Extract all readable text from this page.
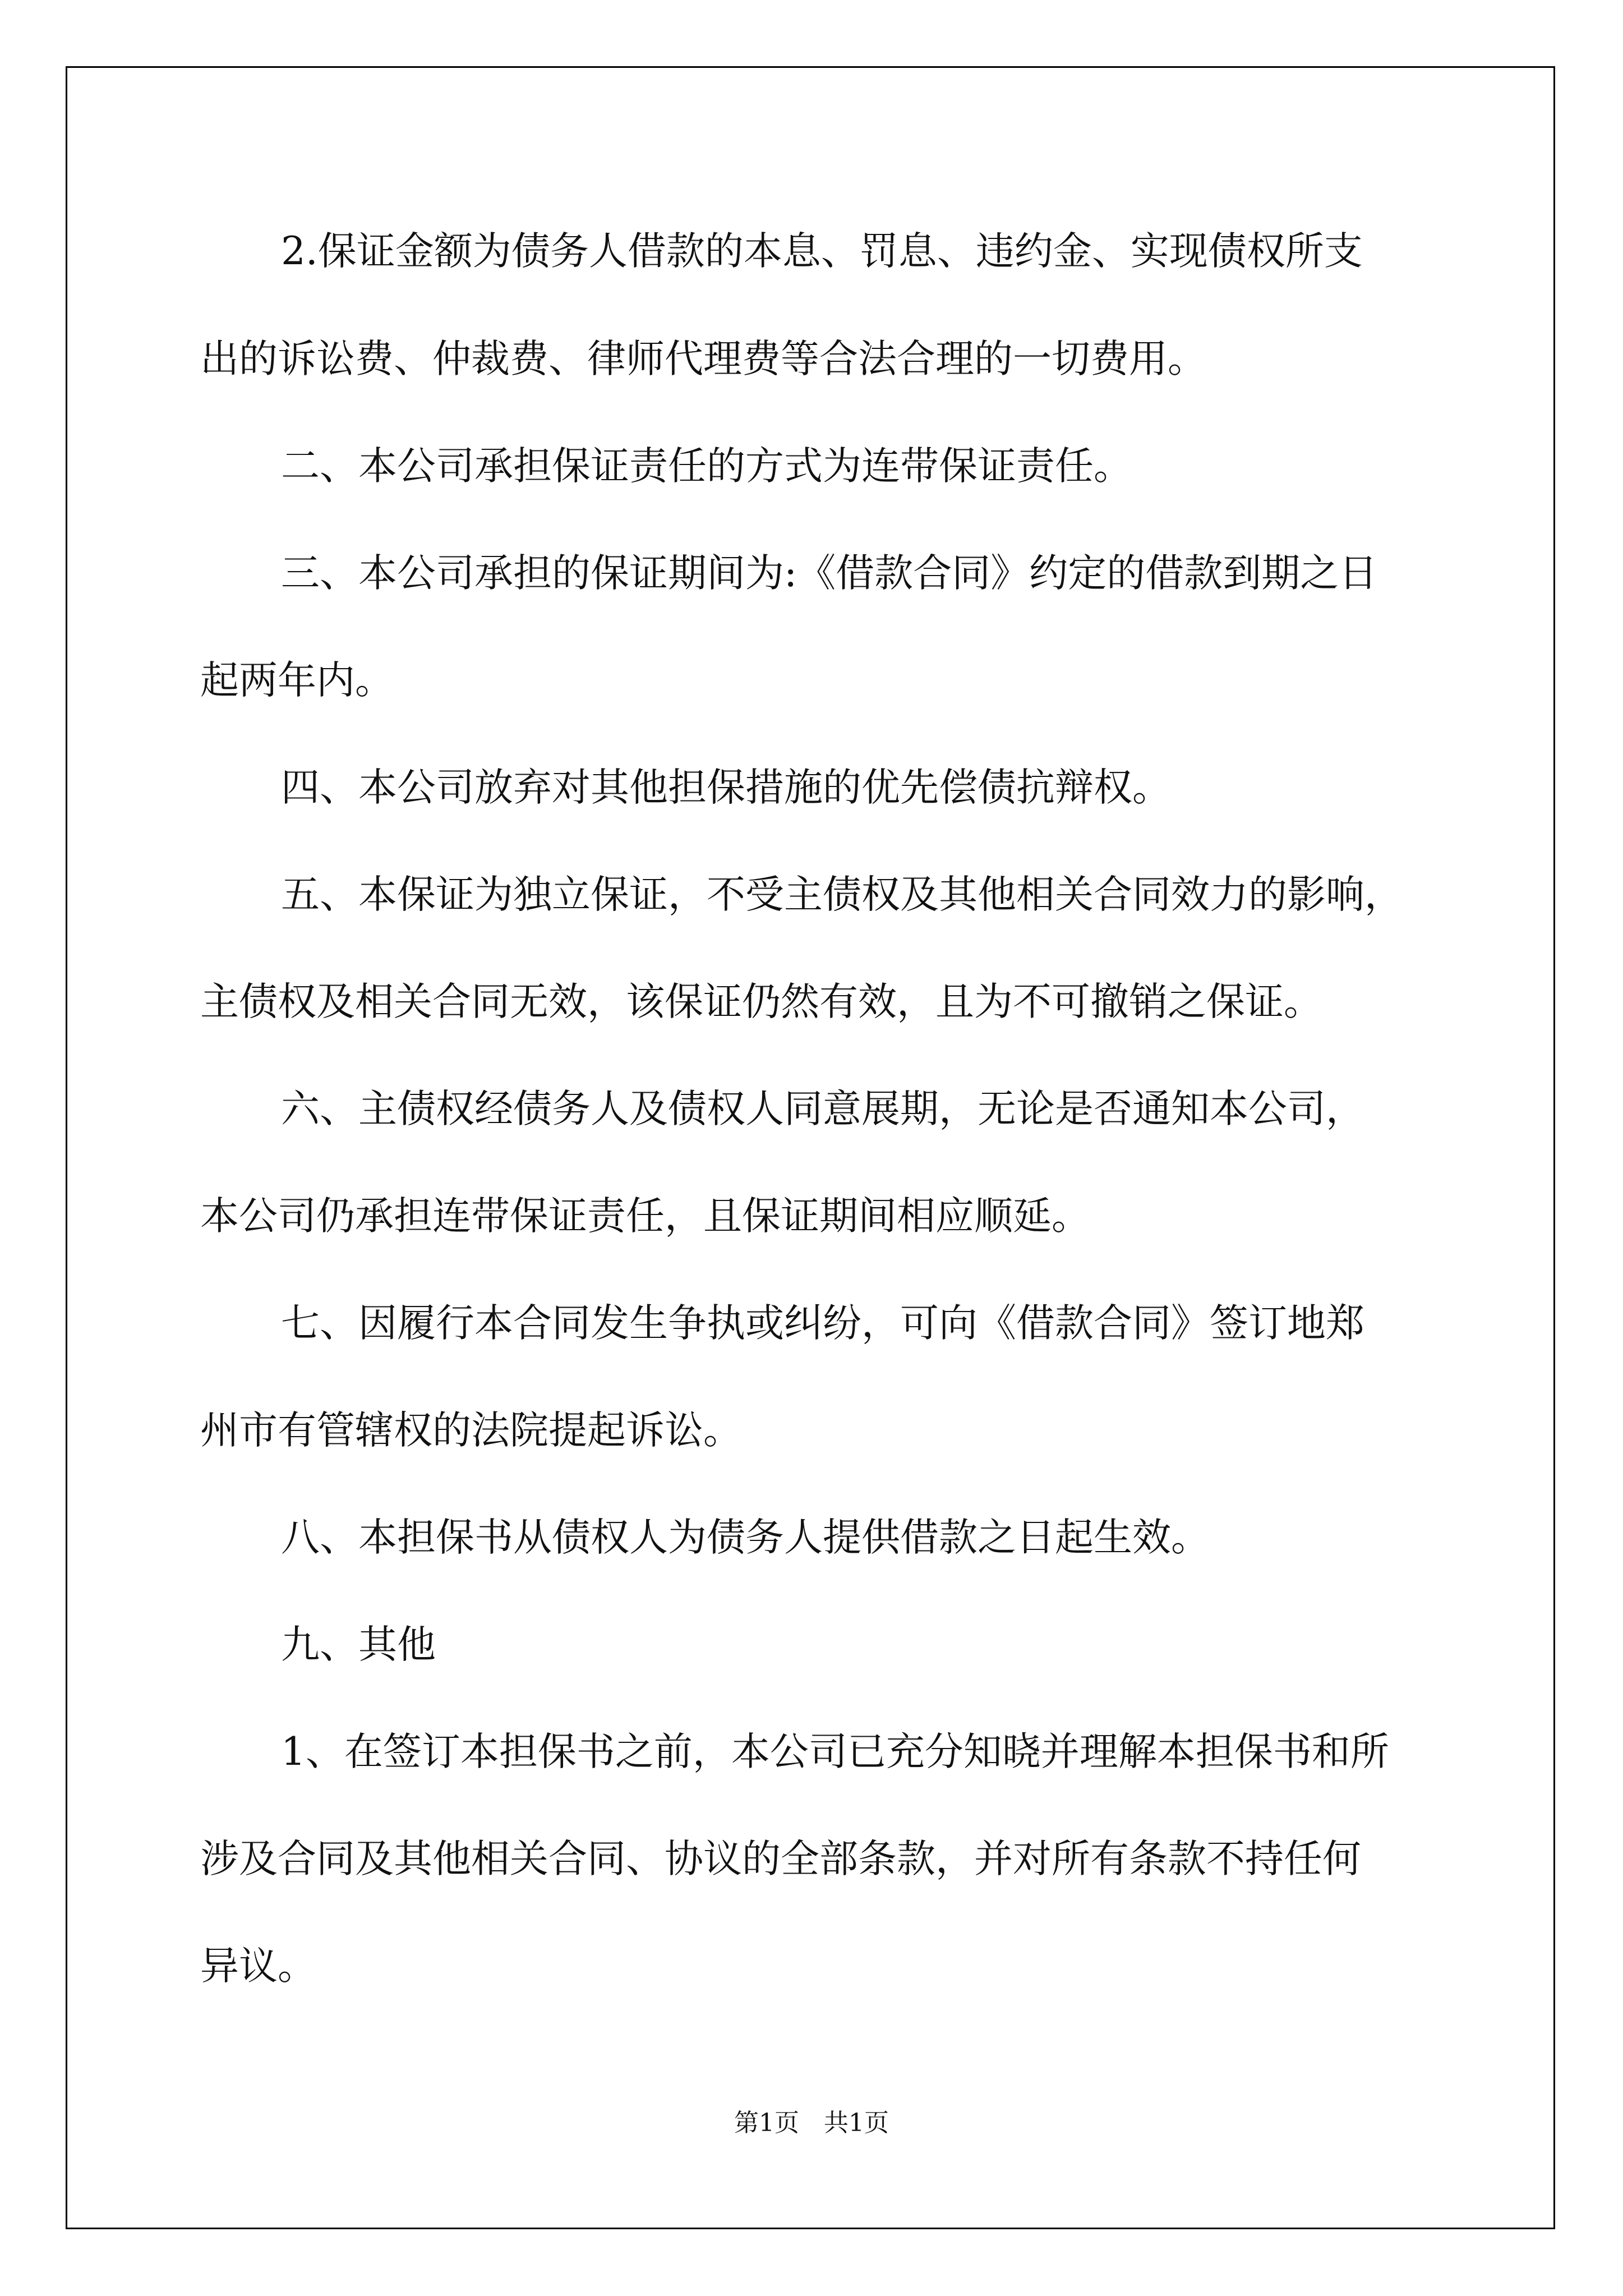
2.保证金额为债务人借款的本息、罚息、违约金、实现债权所支
出的诉讼费、仲裁费、律师代理费等合法合理的一切费用。
二、本公司承担保证责任的方式为连带保证责任。
三、本公司承担的保证期间为:《借款合同》约定的借款到期之日
起两年内。
四、本公司放弃对其他担保措施的优先偿债抗辩权。
五、本保证为独立保证，不受主债权及其他相关合同效力的影响，
主债权及相关合同无效，该保证仍然有效，且为不可撤销之保证。
六、主债权经债务人及债权人同意展期，无论是否通知本公司，
本公司仍承担连带保证责任，且保证期间相应顺延。
七、因履行本合同发生争执或纠纷，可向《借款合同》签订地郑
州市有管辖权的法院提起诉讼。
八、本担保书从债权人为债务人提供借款之日起生效。
九、其他
1、在签订本担保书之前，本公司已充分知晓并理解本担保书和所
涉及合同及其他相关合同、协议的全部条款，并对所有条款不持任何
异议。
第1页 共1页
